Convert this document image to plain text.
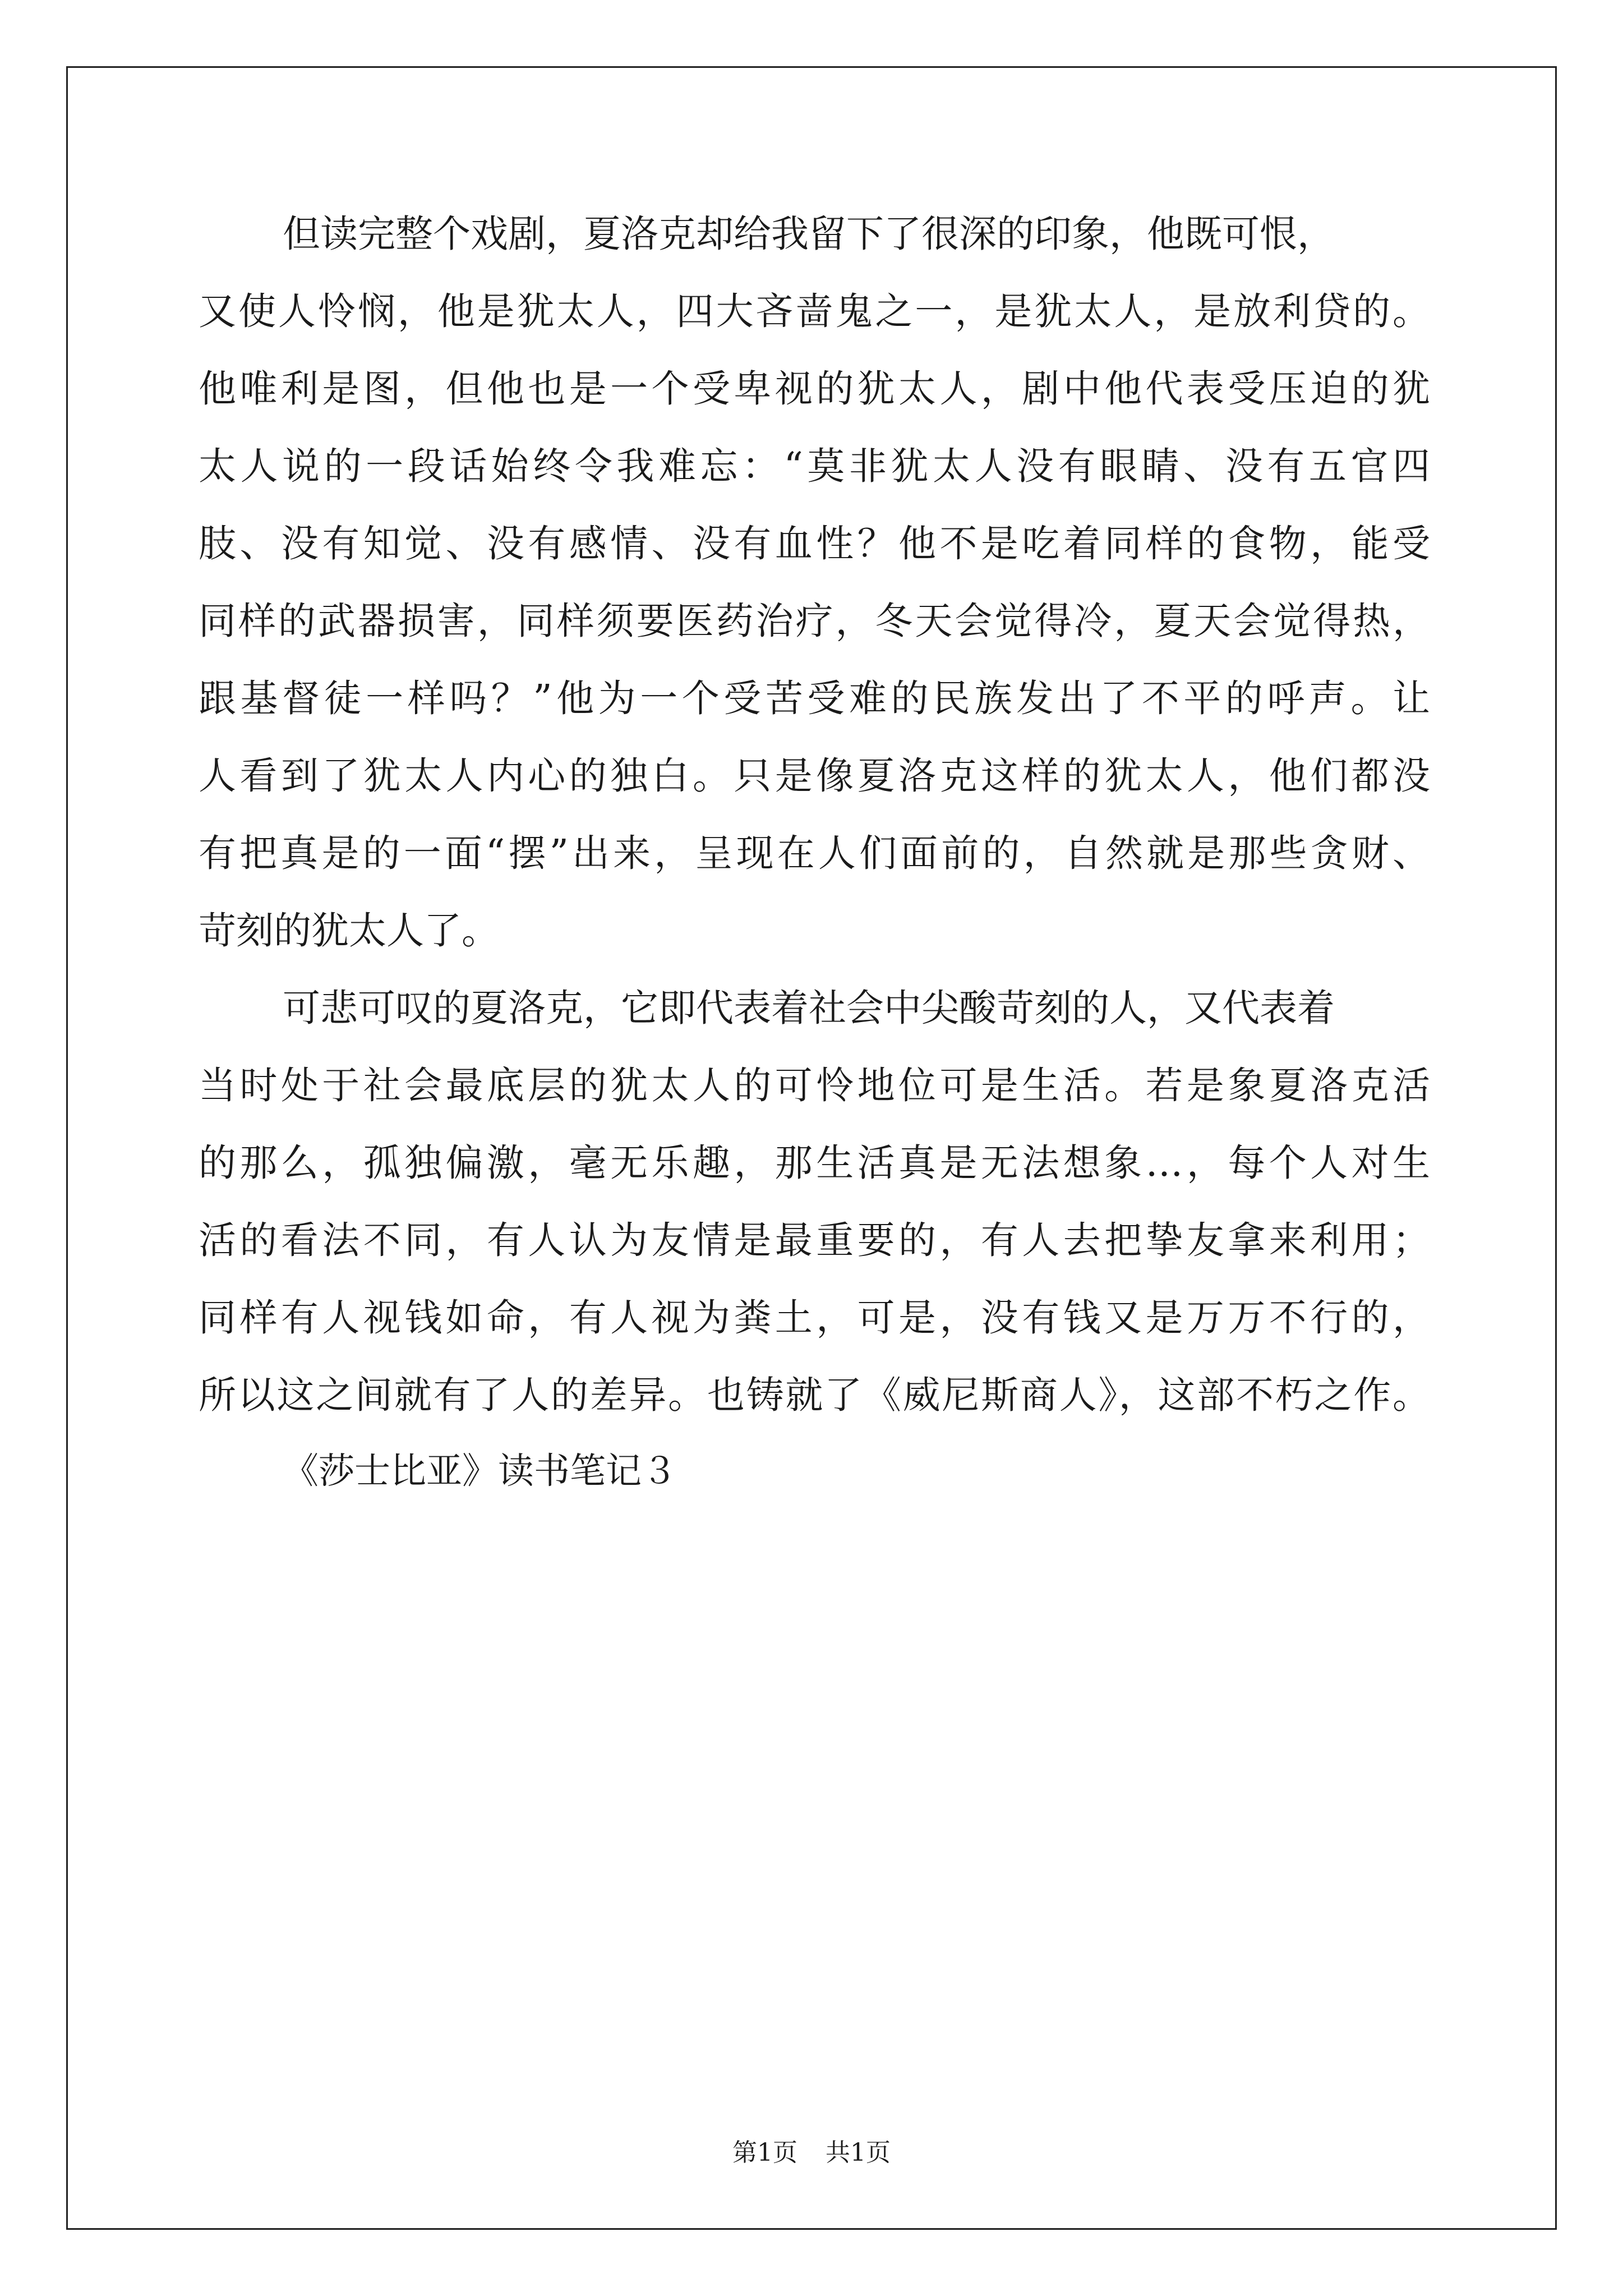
但读完整个戏剧，夏洛克却给我留下了很深的印象，他既可恨，
又使人怜悯，他是犹太人，四大吝啬鬼之一，是犹太人，是放利贷的。
他唯利是图，但他也是一个受卑视的犹太人，剧中他代表受压迫的犹
太人说的一段话始终令我难忘：“莫非犹太人没有眼睛、没有五官四
肢、没有知觉、没有感情、没有血性？他不是吃着同样的食物，能受
同样的武器损害，同样须要医药治疗，冬天会觉得冷，夏天会觉得热，
跟基督徒一样吗？”他为一个受苦受难的民族发出了不平的呼声。让
人看到了犹太人内心的独白。只是像夏洛克这样的犹太人，他们都没
有把真是的一面“摆”出来，呈现在人们面前的，自然就是那些贪财、
苛刻的犹太人了。
可悲可叹的夏洛克，它即代表着社会中尖酸苛刻的人，又代表着
当时处于社会最底层的犹太人的可怜地位可是生活。若是象夏洛克活
的那么，孤独偏激，毫无乐趣，那生活真是无法想象…，每个人对生
活的看法不同，有人认为友情是最重要的，有人去把挚友拿来利用；
同样有人视钱如命，有人视为粪土，可是，没有钱又是万万不行的，
所以这之间就有了人的差异。也铸就了《威尼斯商人》，这部不朽之作。
《莎士比亚》读书笔记３
第1页 共1页
